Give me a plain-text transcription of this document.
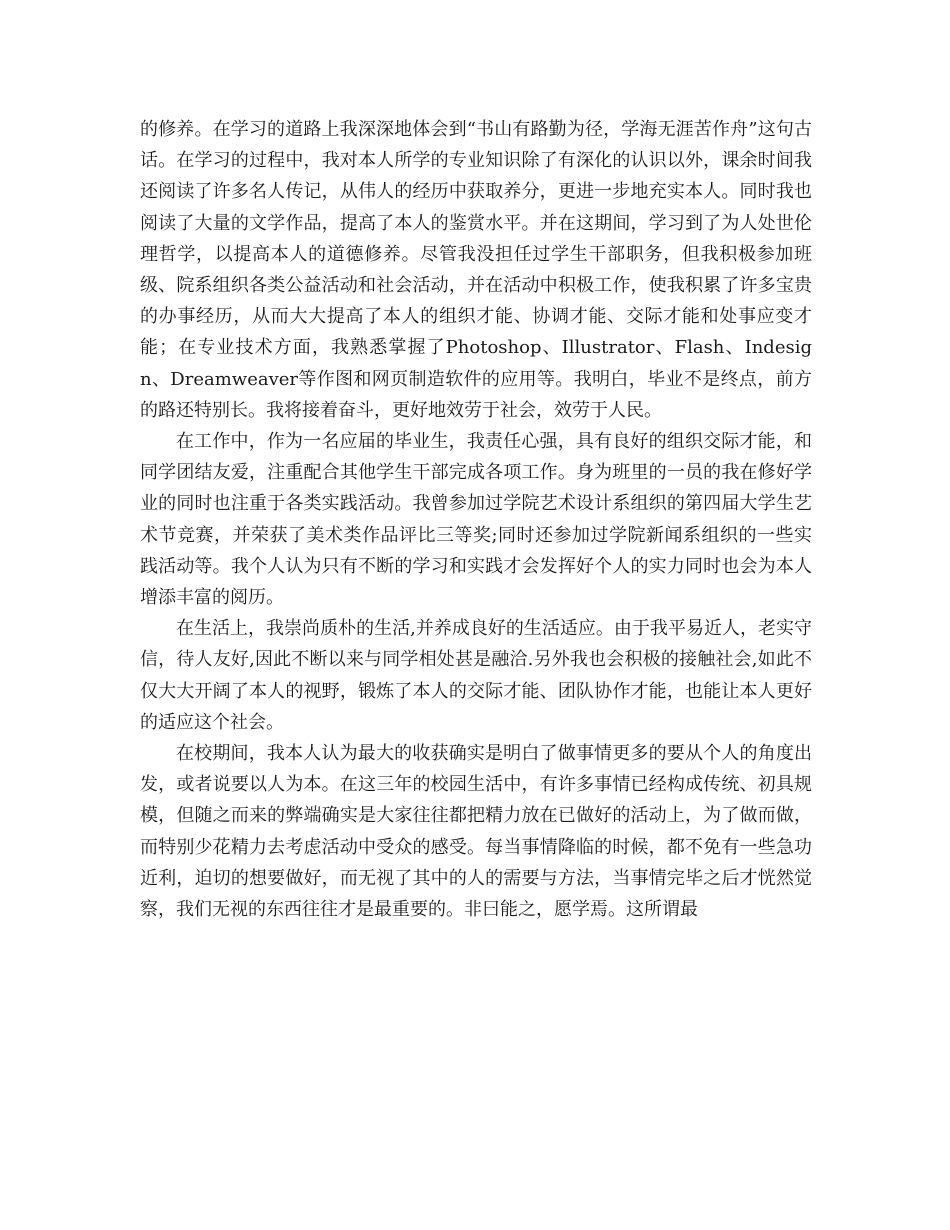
的修养。在学习的道路上我深深地体会到“书山有路勤为径，学海无涯苦作舟”这句古话。在学习的过程中，我对本人所学的专业知识除了有深化的认识以外，课余时间我还阅读了许多名人传记，从伟人的经历中获取养分，更进一步地充实本人。同时我也阅读了大量的文学作品，提高了本人的鉴赏水平。并在这期间，学习到了为人处世伦理哲学，以提高本人的道德修养。尽管我没担任过学生干部职务，但我积极参加班级、院系组织各类公益活动和社会活动，并在活动中积极工作，使我积累了许多宝贵的办事经历，从而大大提高了本人的组织才能、协调才能、交际才能和处事应变才能；在专业技术方面，我熟悉掌握了Photoshop、Illustrator、Flash、Indesign、Dreamweaver等作图和网页制造软件的应用等。我明白，毕业不是终点，前方的路还特别长。我将接着奋斗，更好地效劳于社会，效劳于人民。

在工作中，作为一名应届的毕业生，我责任心强，具有良好的组织交际才能，和同学团结友爱，注重配合其他学生干部完成各项工作。身为班里的一员的我在修好学业的同时也注重于各类实践活动。我曾参加过学院艺术设计系组织的第四届大学生艺术节竞赛，并荣获了美术类作品评比三等奖;同时还参加过学院新闻系组织的一些实践活动等。我个人认为只有不断的学习和实践才会发挥好个人的实力同时也会为本人增添丰富的阅历。

在生活上，我崇尚质朴的生活,并养成良好的生活适应。由于我平易近人，老实守信，待人友好,因此不断以来与同学相处甚是融洽.另外我也会积极的接触社会,如此不仅大大开阔了本人的视野，锻炼了本人的交际才能、团队协作才能，也能让本人更好的适应这个社会。

在校期间，我本人认为最大的收获确实是明白了做事情更多的要从个人的角度出发，或者说要以人为本。在这三年的校园生活中，有许多事情已经构成传统、初具规模，但随之而来的弊端确实是大家往往都把精力放在已做好的活动上，为了做而做，而特别少花精力去考虑活动中受众的感受。每当事情降临的时候，都不免有一些急功近利，迫切的想要做好，而无视了其中的人的需要与方法，当事情完毕之后才恍然觉察，我们无视的东西往往才是最重要的。非曰能之，愿学焉。这所谓最
